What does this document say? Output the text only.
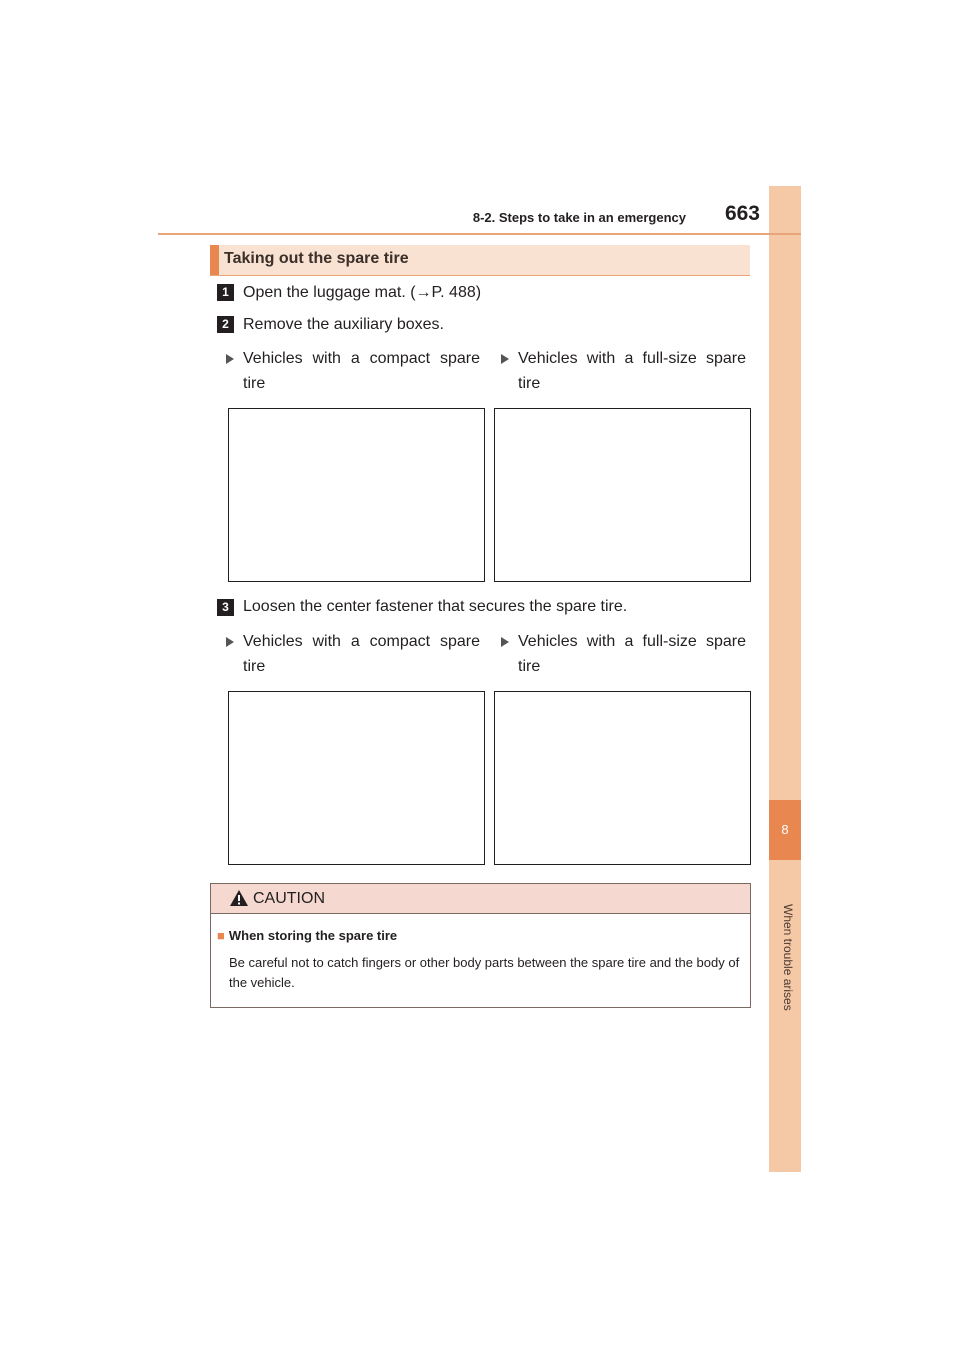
8
When trouble arises
8-2. Steps to take in an emergency	663
Taking out the spare tire
1 Open the luggage mat. (→P. 488)
2 Remove the auxiliary boxes.
Vehicles with a compact spare
tire
Vehicles with a full-size spare
tire
3 Loosen the center fastener that secures the spare tire.
Vehicles with a compact spare
tire
Vehicles with a full-size spare
tire
CAUTION
■ When storing the spare tire
Be careful not to catch fingers or other body parts between the spare tire and the body of the vehicle.
